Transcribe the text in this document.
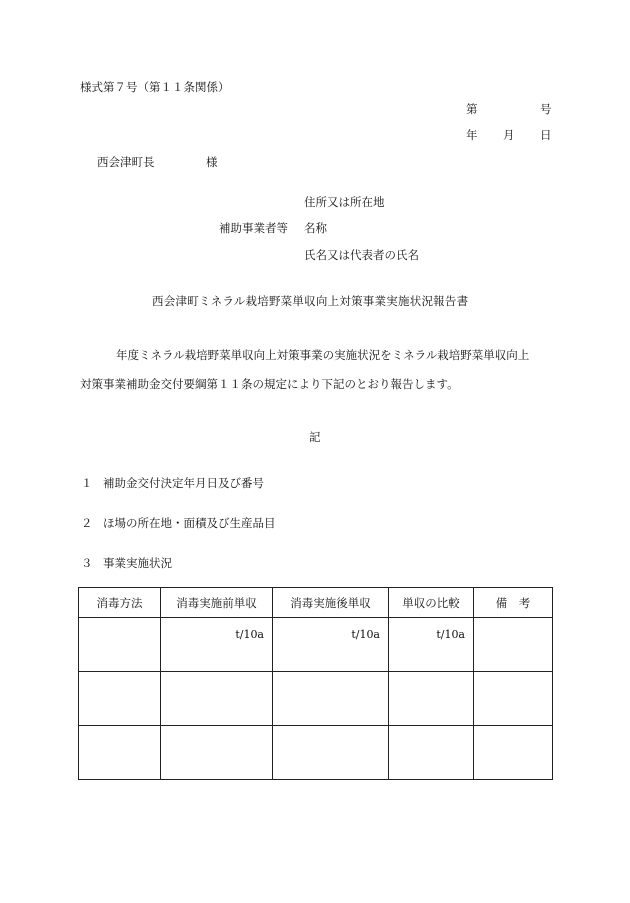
様式第７号（第１１条関係）
第	号
年 月 日
西会津町長	様
住所又は所在地
補助事業者等 名称
氏名又は代表者の氏名
西会津町ミネラル栽培野菜単収向上対策事業実施状況報告書
年度ミネラル栽培野菜単収向上対策事業の実施状況をミネラル栽培野菜単収向上
対策事業補助金交付要綱第１１条の規定により下記のとおり報告します。
記
１ 補助金交付決定年月日及び番号
２ ほ場の所在地・面積及び生産品目
３ 事業実施状況
消毒方法	消毒実施前単収	消毒実施後単収	単収の比較	備　考
	t/10a	t/10a	t/10a	
